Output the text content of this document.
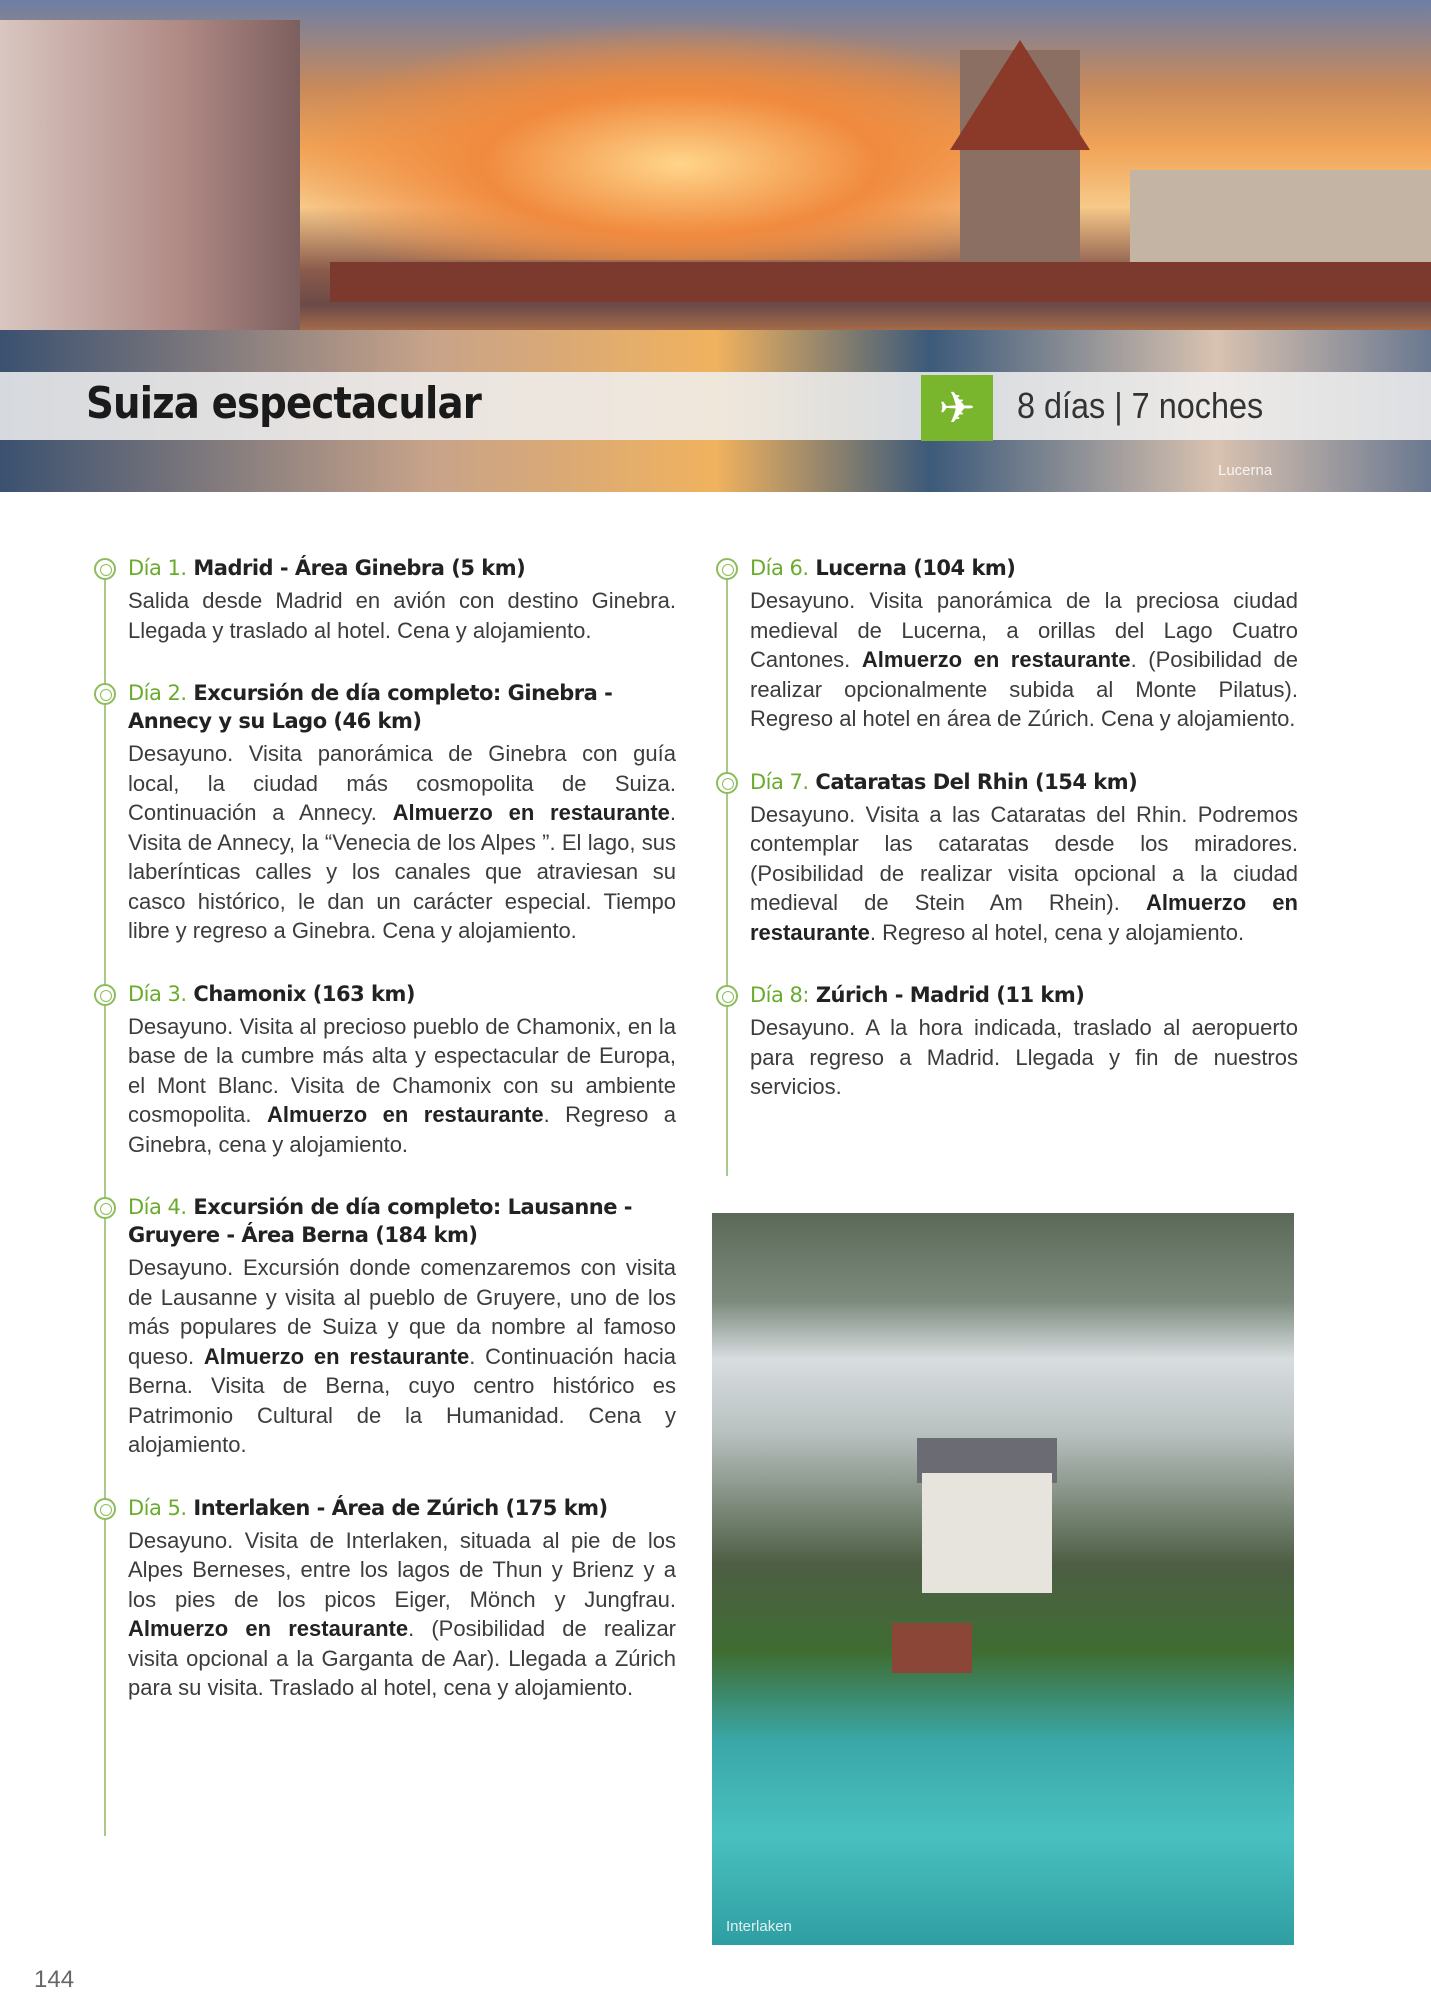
Suiza espectacular	✈	8 días | 7 noches
Lucerna
Día 1. Madrid - Área Ginebra (5 km)

Salida desde Madrid en avión con destino Ginebra. Llegada y traslado al hotel. Cena y alojamiento.

Día 2. Excursión de día completo: Ginebra - Annecy y su Lago (46 km)

Desayuno. Visita panorámica de Ginebra con guía local, la ciudad más cosmopolita de Suiza. Continuación a Annecy. Almuerzo en restaurante. Visita de Annecy, la “Venecia de los Alpes ”. El lago, sus laberínticas calles y los canales que atraviesan su casco histórico, le dan un carácter especial. Tiempo libre y regreso a Ginebra. Cena y alojamiento.

Día 3. Chamonix (163 km)

Desayuno. Visita al precioso pueblo de Chamonix, en la base de la cumbre más alta y espectacular de Europa, el Mont Blanc. Visita de Chamonix con su ambiente cosmopolita. Almuerzo en restaurante. Regreso a Ginebra, cena y alojamiento.

Día 4. Excursión de día completo: Lausanne - Gruyere - Área Berna (184 km)

Desayuno. Excursión donde comenzaremos con visita de Lausanne y visita al pueblo de Gruyere, uno de los más populares de Suiza y que da nombre al famoso queso. Almuerzo en restaurante. Continuación hacia Berna. Visita de Berna, cuyo centro histórico es Patrimonio Cultural de la Humanidad. Cena y alojamiento.

Día 5. Interlaken - Área de Zúrich (175 km)

Desayuno. Visita de Interlaken, situada al pie de los Alpes Berneses, entre los lagos de Thun y Brienz y a los pies de los picos Eiger, Mönch y Jungfrau. Almuerzo en restaurante. (Posibilidad de realizar visita opcional a la Garganta de Aar). Llegada a Zúrich para su visita. Traslado al hotel, cena y alojamiento.

Día 6. Lucerna (104 km)

Desayuno. Visita panorámica de la preciosa ciudad medieval de Lucerna, a orillas del Lago Cuatro Cantones. Almuerzo en restaurante. (Posibilidad de realizar opcionalmente subida al Monte Pilatus). Regreso al hotel en área de Zúrich. Cena y alojamiento.

Día 7. Cataratas Del Rhin (154 km)

Desayuno. Visita a las Cataratas del Rhin. Podremos contemplar las cataratas desde los miradores. (Posibilidad de realizar visita opcional a la ciudad medieval de Stein Am Rhein). Almuerzo en restaurante. Regreso al hotel, cena y alojamiento.

Día 8: Zúrich - Madrid (11 km)

Desayuno. A la hora indicada, traslado al aeropuerto para regreso a Madrid. Llegada y fin de nuestros servicios.

Interlaken
144
